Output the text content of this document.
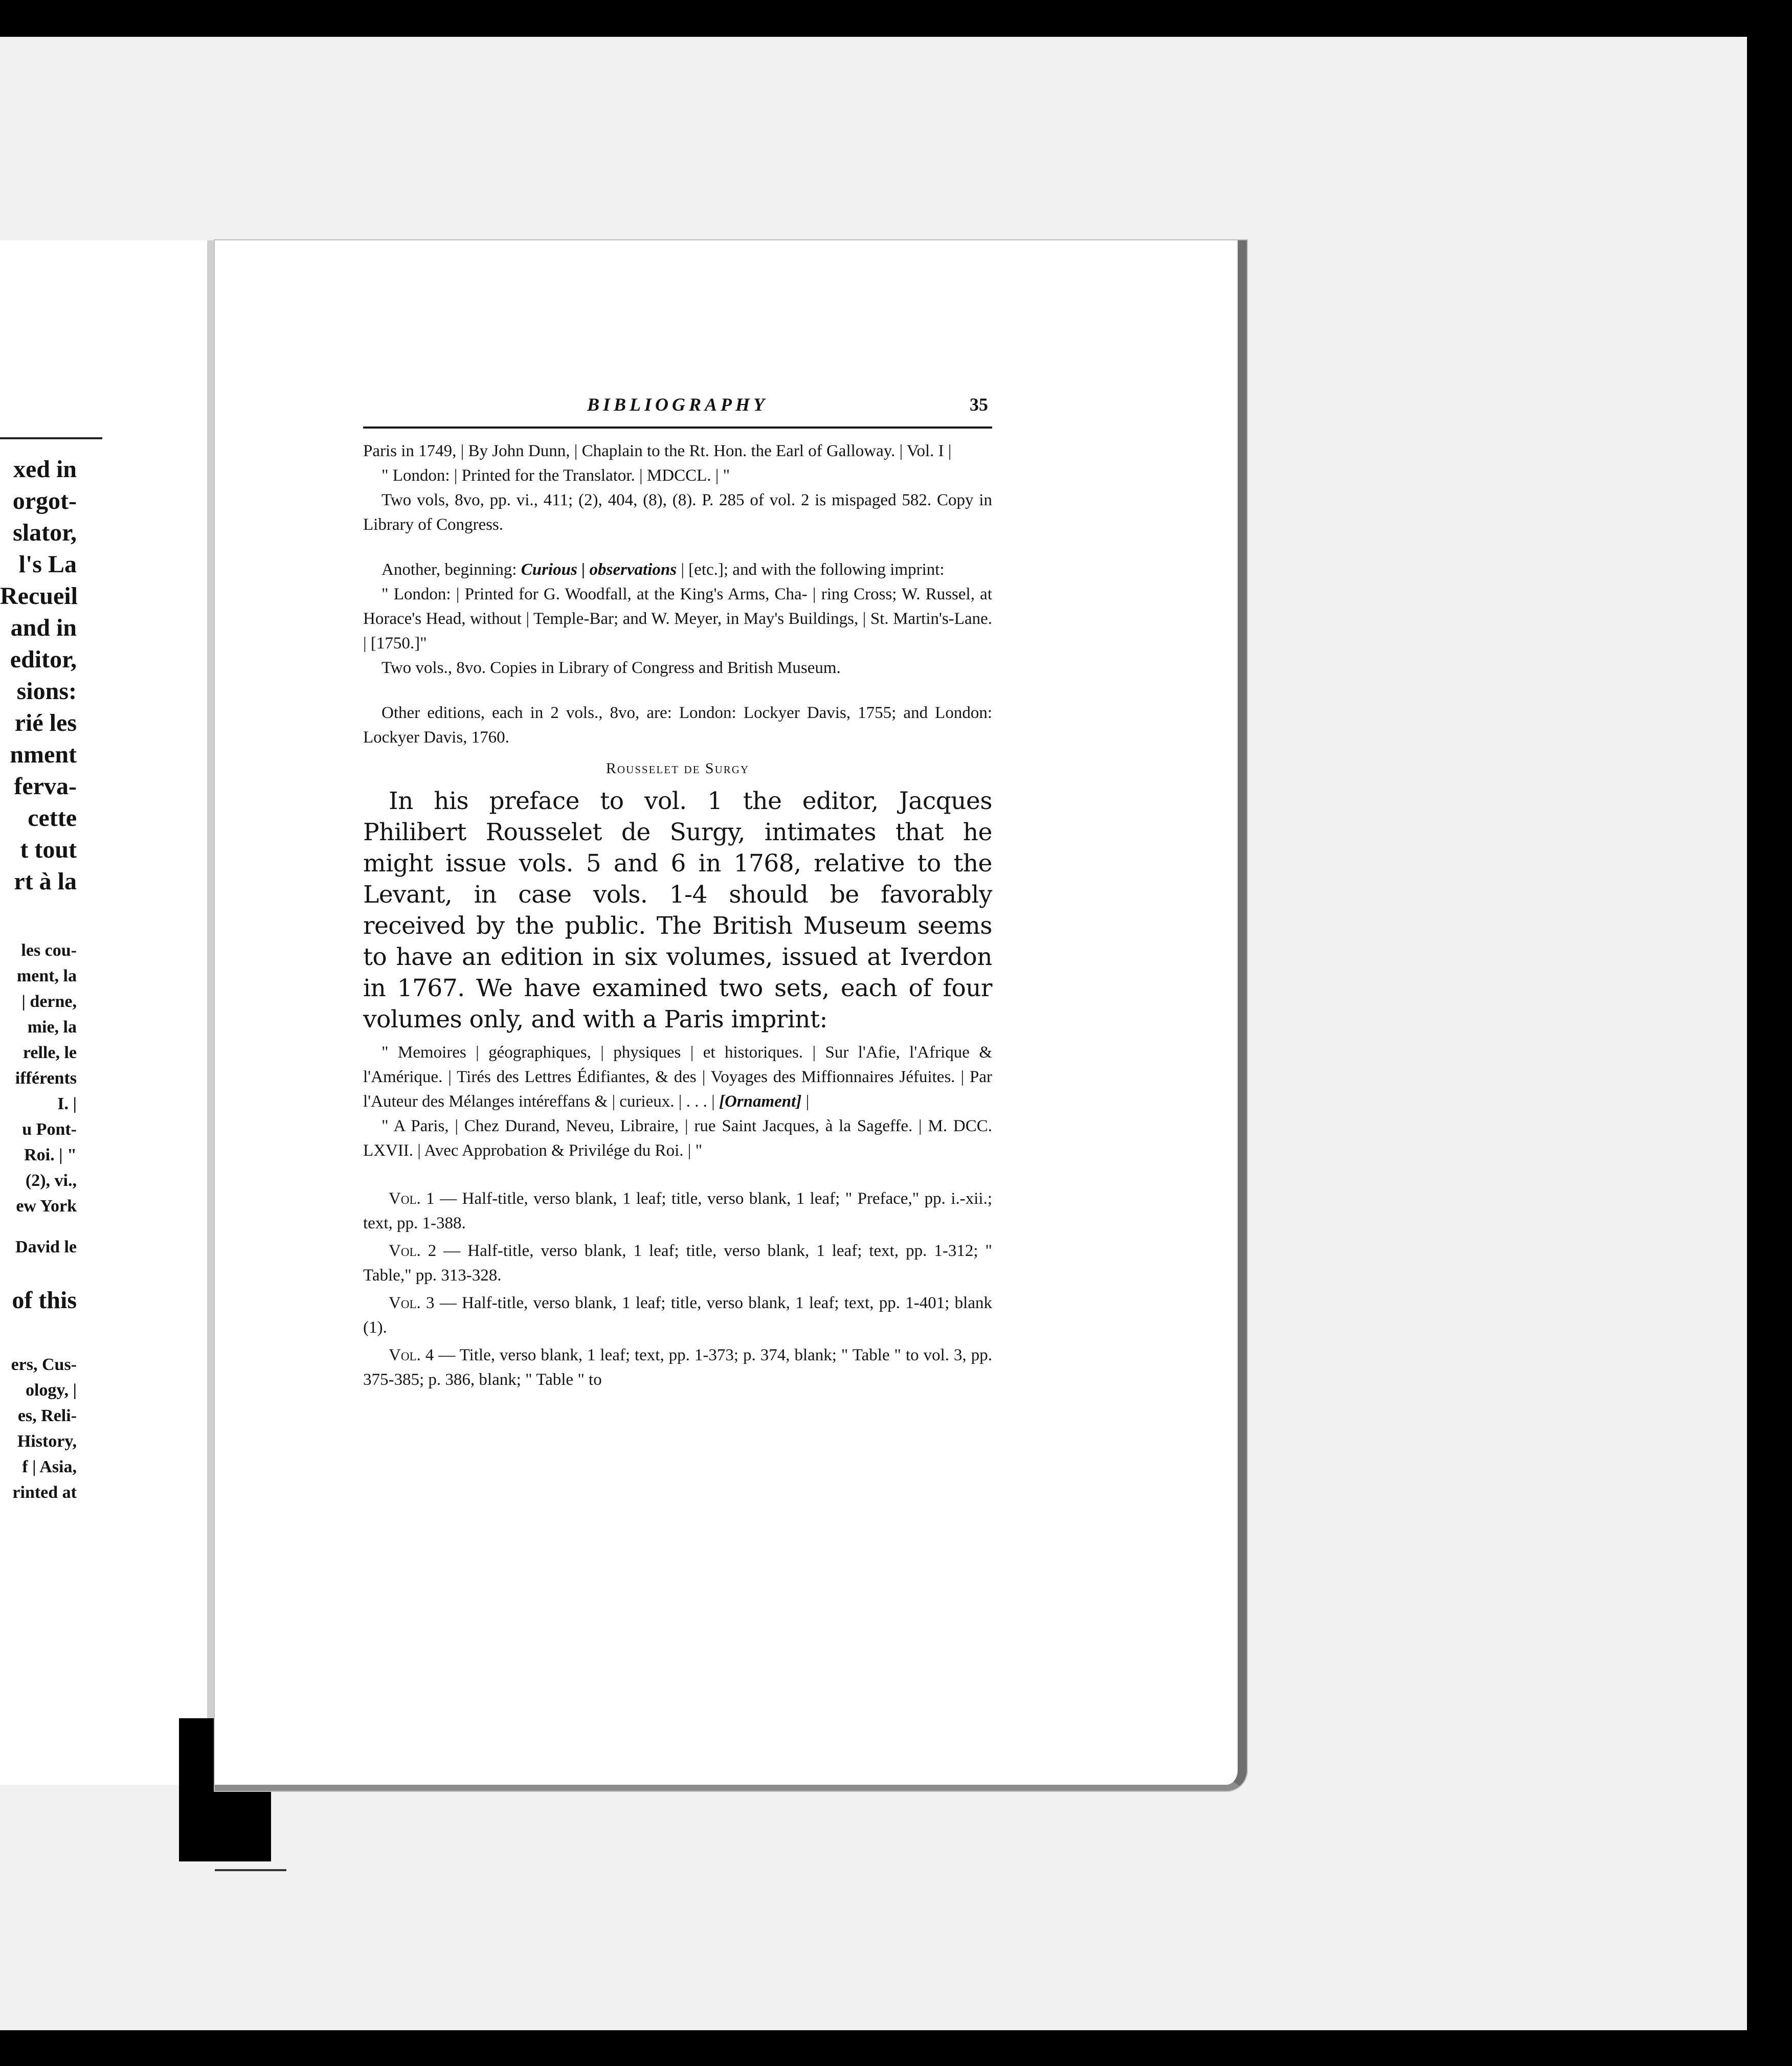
xed in
orgot-
slator,
l's La
Recueil
and in
editor,
sions:
rié les
nment
ferva-
cette
t tout
rt à la
les cou-
ment, la
| derne,
mie, la
relle, le
ifférents
I. |
u Pont-
Roi. | "
(2), vi.,
ew York
David le
of this
ers, Cus-
ology, |
es, Reli-
History,
f | Asia,
rinted at
BIBLIOGRAPHY	35

Paris in 1749, | By John Dunn, | Chaplain to the Rt. Hon. the Earl of Galloway. | Vol. I |

" London: | Printed for the Translator. | MDCCL. | "

Two vols, 8vo, pp. vi., 411; (2), 404, (8), (8). P. 285 of vol. 2 is mispaged 582. Copy in Library of Congress.

Another, beginning: Curious | observations | [etc.]; and with the following imprint:

" London: | Printed for G. Woodfall, at the King's Arms, Cha- | ring Cross; W. Russel, at Horace's Head, without | Temple-Bar; and W. Meyer, in May's Buildings, | St. Martin's-Lane. | [1750.]"

Two vols., 8vo. Copies in Library of Congress and British Museum.

Other editions, each in 2 vols., 8vo, are: London: Lockyer Davis, 1755; and London: Lockyer Davis, 1760.

Rousselet de Surgy

In his preface to vol. 1 the editor, Jacques Philibert Rousselet de Surgy, intimates that he might issue vols. 5 and 6 in 1768, relative to the Levant, in case vols. 1-4 should be favorably received by the public. The British Museum seems to have an edition in six volumes, issued at Iverdon in 1767. We have examined two sets, each of four volumes only, and with a Paris imprint:

" Memoires | géographiques, | physiques | et historiques. | Sur l'Afie, l'Afrique & l'Amérique. | Tirés des Lettres Édifiantes, & des | Voyages des Miffionnaires Jéfuites. | Par l'Auteur des Mélanges intéreffans & | curieux. | . . . | [Ornament] |

" A Paris, | Chez Durand, Neveu, Libraire, | rue Saint Jacques, à la Sageffe. | M. DCC. LXVII. | Avec Approbation & Privilége du Roi. | "

Vol. 1 — Half-title, verso blank, 1 leaf; title, verso blank, 1 leaf; " Preface," pp. i.-xii.; text, pp. 1-388.

Vol. 2 — Half-title, verso blank, 1 leaf; title, verso blank, 1 leaf; text, pp. 1-312; " Table," pp. 313-328.

Vol. 3 — Half-title, verso blank, 1 leaf; title, verso blank, 1 leaf; text, pp. 1-401; blank (1).

Vol. 4 — Title, verso blank, 1 leaf; text, pp. 1-373; p. 374, blank; " Table " to vol. 3, pp. 375-385; p. 386, blank; " Table " to
